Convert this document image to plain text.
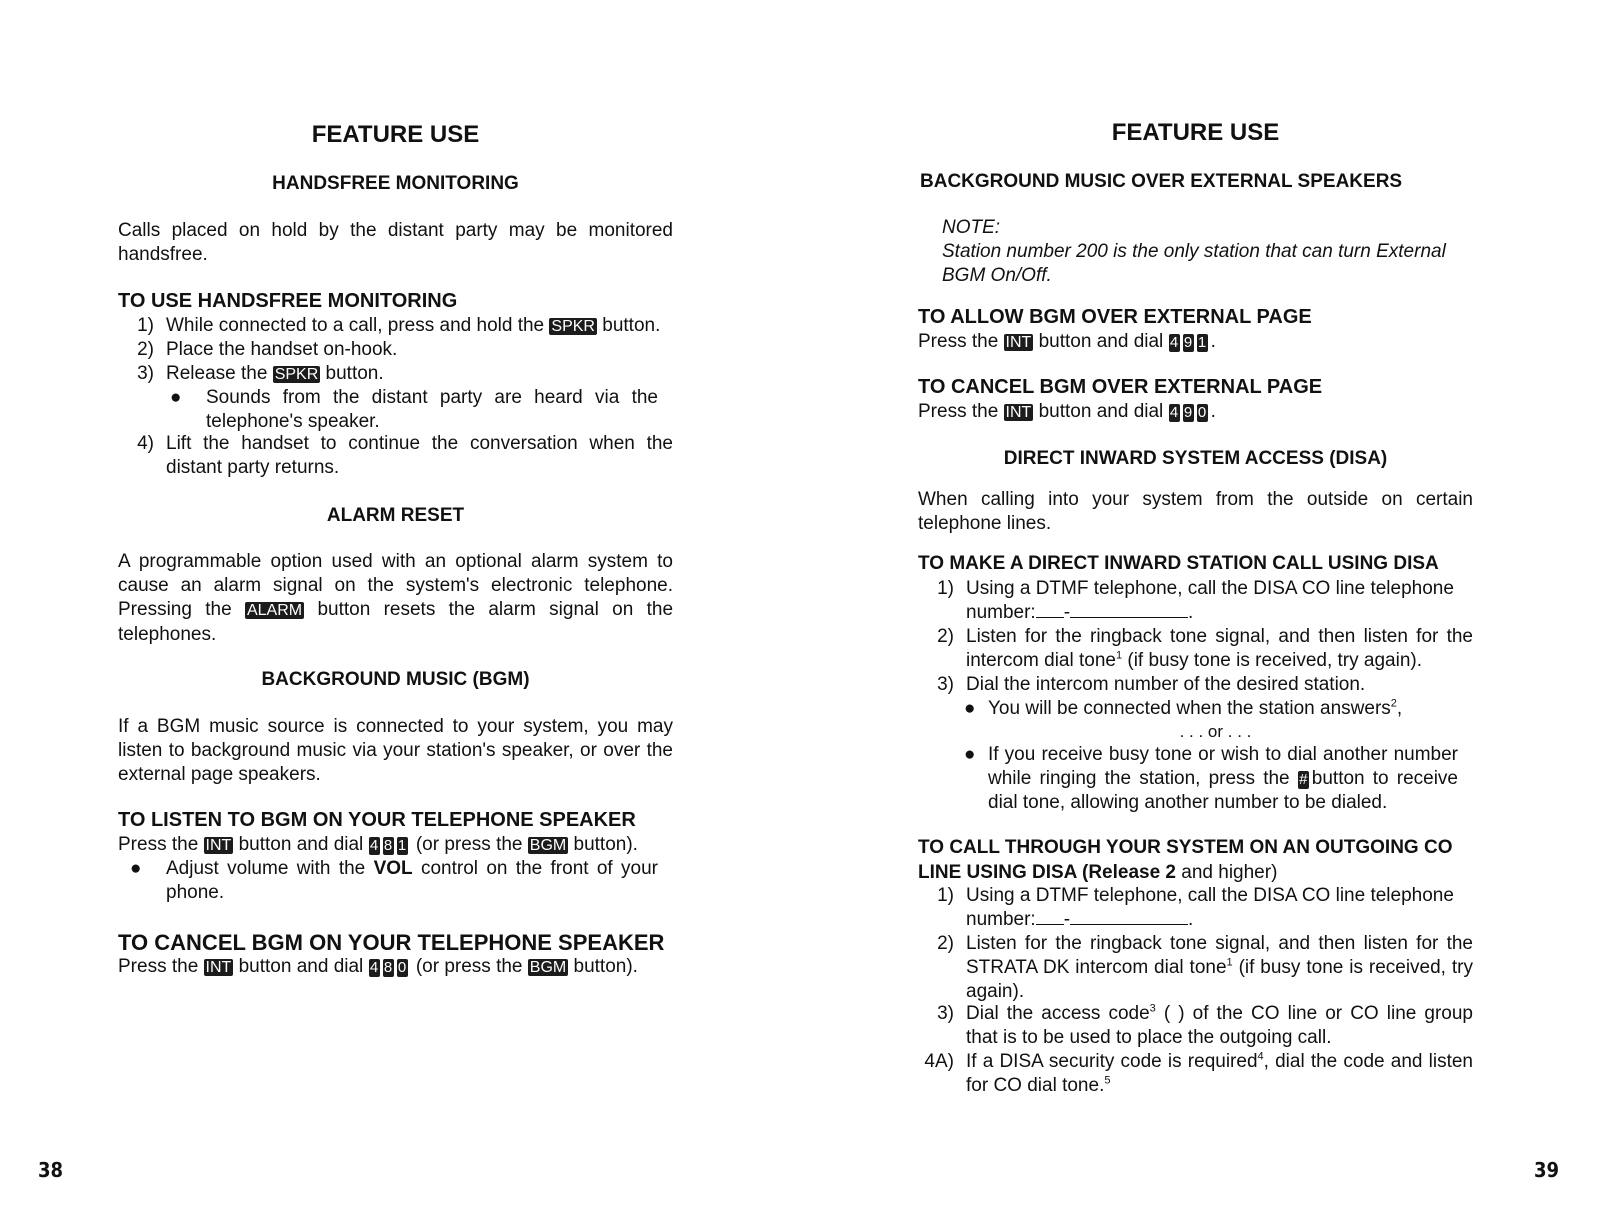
FEATURE USE
HANDSFREE MONITORING
Calls placed on hold by the distant party may be monitored handsfree.
TO USE HANDSFREE MONITORING
1) While connected to a call, press and hold the SPKR button.
2) Place the handset on-hook.
3) Release the SPKR button.
● Sounds from the distant party are heard via the telephone's speaker.
4) Lift the handset to continue the conversation when the distant party returns.
ALARM RESET
A programmable option used with an optional alarm system to cause an alarm signal on the system's electronic telephone. Pressing the ALARM button resets the alarm signal on the telephones.
BACKGROUND MUSIC (BGM)
If a BGM music source is connected to your system, you may listen to background music via your station's speaker, or over the external page speakers.
TO LISTEN TO BGM ON YOUR TELEPHONE SPEAKER
Press the INT button and dial 4 8 1 (or press the BGM button).
● Adjust volume with the VOL control on the front of your phone.
TO CANCEL BGM ON YOUR TELEPHONE SPEAKER
Press the INT button and dial 4 8 0 (or press the BGM button).
38
FEATURE USE
BACKGROUND MUSIC OVER EXTERNAL SPEAKERS
NOTE:
Station number 200 is the only station that can turn External BGM On/Off.
TO ALLOW BGM OVER EXTERNAL PAGE
Press the INT button and dial 4 9 1 .
TO CANCEL BGM OVER EXTERNAL PAGE
Press the INT button and dial 4 9 0 .
DIRECT INWARD SYSTEM ACCESS (DISA)
When calling into your system from the outside on certain telephone lines.
TO MAKE A DIRECT INWARD STATION CALL USING DISA
1) Using a DTMF telephone, call the DISA CO line telephone
number: -	.
2) Listen for the ringback tone signal, and then listen for the intercom dial tone$^1$ (if busy tone is received, try again).
3) Dial the intercom number of the desired station.
● You will be connected when the station answers$^2$,
. . . or . . .
● If you receive busy tone or wish to dial another number while ringing the station, press the # button to receive dial tone, allowing another number to be dialed.
TO CALL THROUGH YOUR SYSTEM ON AN OUTGOING CO
LINE USING DISA (Release 2 and higher)
1) Using a DTMF telephone, call the DISA CO line telephone
number: -	.
2) Listen for the ringback tone signal, and then listen for the STRATA DK intercom dial tone$^1$ (if busy tone is received, try again).
3) Dial the access code$^3$ ( ) of the CO line or CO line group that is to be used to place the outgoing call.
4A) If a DISA security code is required$^4$, dial the code and listen for CO dial tone.$^5$
39
